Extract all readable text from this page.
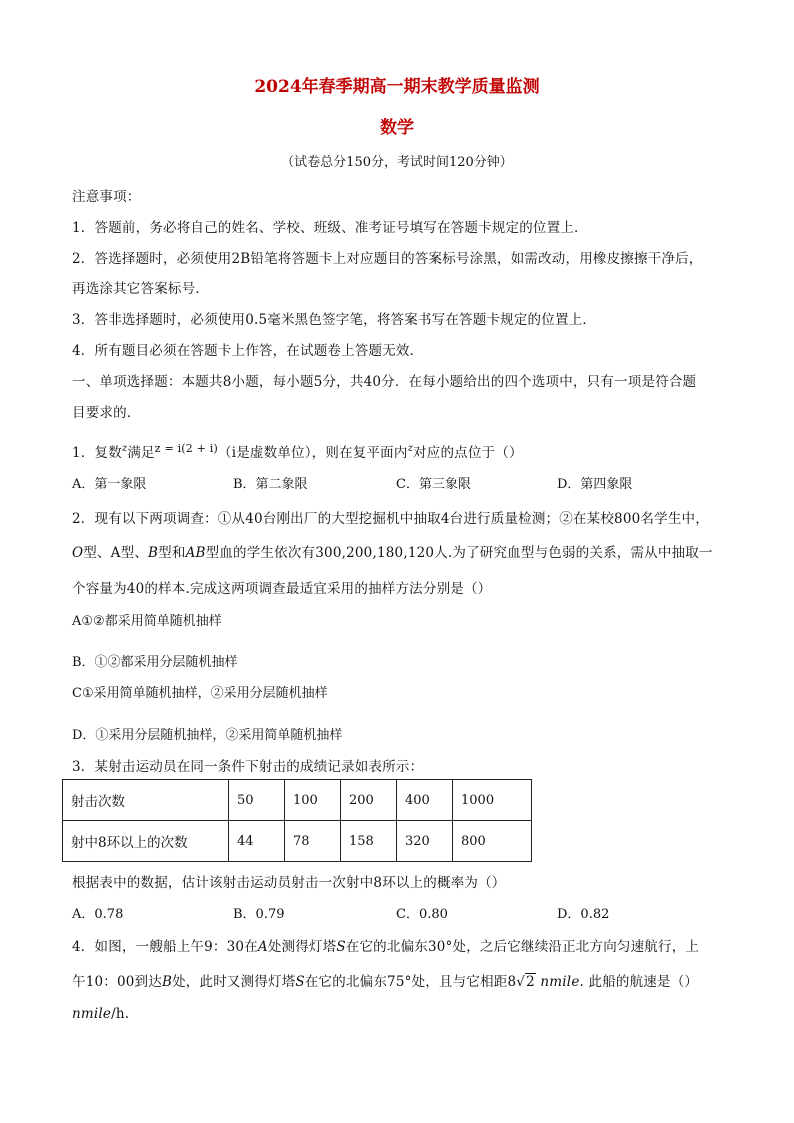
2024年春季期高一期末教学质量监测
数学
（试卷总分150分，考试时间120分钟）
注意事项：
1．答题前，务必将自己的姓名、学校、班级、准考证号填写在答题卡规定的位置上．
2．答选择题时，必须使用2B铅笔将答题卡上对应题目的答案标号涂黑，如需改动，用橡皮擦擦干净后，
再选涂其它答案标号．
3．答非选择题时，必须使用0.5毫米黑色签字笔，将答案书写在答题卡规定的位置上．
4．所有题目必须在答题卡上作答，在试题卷上答题无效．
一、单项选择题：本题共8小题，每小题5分，共40分．在每小题给出的四个选项中，只有一项是符合题
目要求的．
1．复数$^z$满足$^{z = i(2 + i)}$（i是虚数单位），则在复平面内$^z$对应的点位于（）
A．第一象限	B．第二象限	C．第三象限	D．第四象限
2．现有以下两项调查：①从40台刚出厂的大型挖掘机中抽取4台进行质量检测；②在某校800名学生中，
O型、A型、B型和AB型血的学生依次有300,200,180,120人.为了研究血型与色弱的关系，需从中抽取一
个容量为40的样本.完成这两项调查最适宜采用的抽样方法分别是（）
A①②都采用简单随机抽样
B．①②都采用分层随机抽样
C①采用简单随机抽样，②采用分层随机抽样
D．①采用分层随机抽样，②采用简单随机抽样
3．某射击运动员在同一条件下射击的成绩记录如表所示：
射击次数	50	100	200	400	1000
射中8环以上的次数	44	78	158	320	800
根据表中的数据，估计该射击运动员射击一次射中8环以上的概率为（）
A．0.78	B．0.79	C．0.80	D．0.82
4．如图，一艘船上午9：30在A处测得灯塔S在它的北偏东30°处，之后它继续沿正北方向匀速航行，上
午10：00到达B处，此时又测得灯塔S在它的北偏东75°处，且与它相距8√2 nmile. 此船的航速是（）
nmile/h.
